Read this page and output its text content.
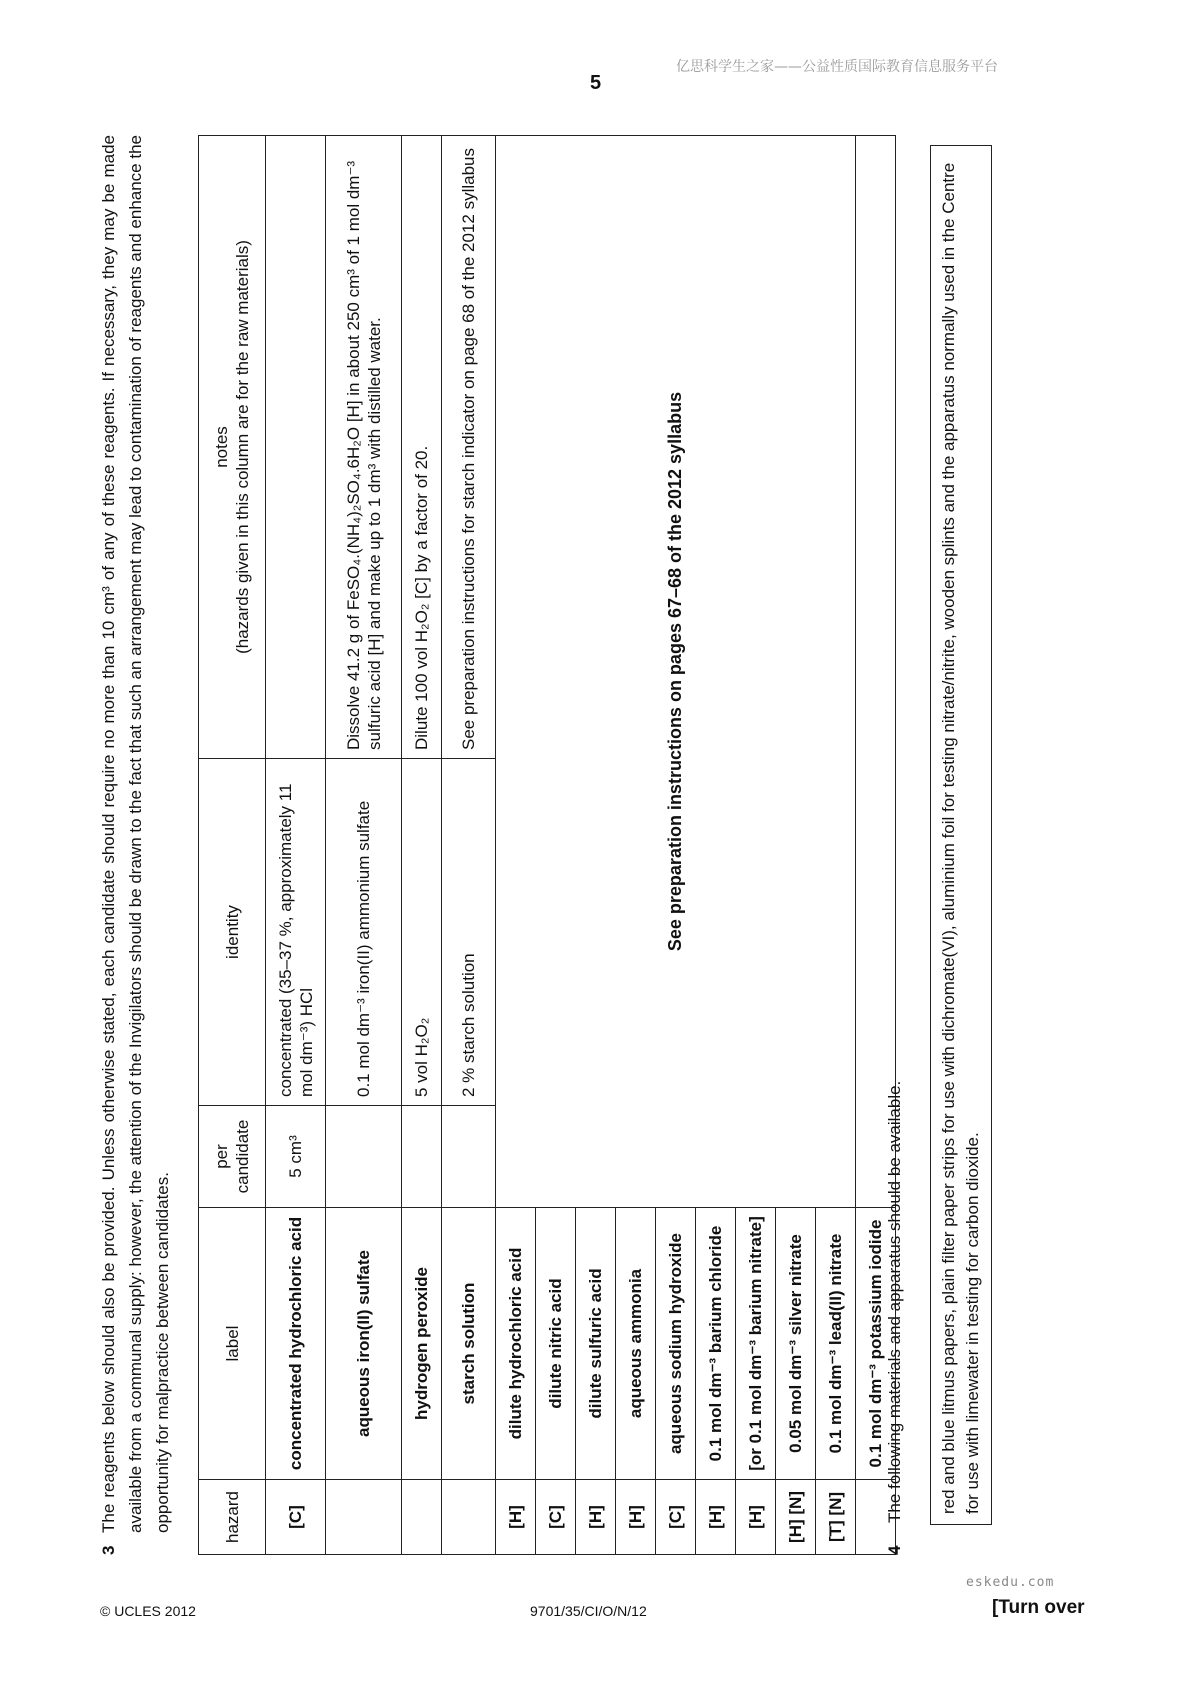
亿思科学生之家——公益性质国际教育信息服务平台
5
3
The reagents below should also be provided. Unless otherwise stated, each candidate should require no more than 10 cm³ of any of these reagents. If necessary, they may be made available from a communal supply: however, the attention of the Invigilators should be drawn to the fact that such an arrangement may lead to contamination of reagents and enhance the opportunity for malpractice between candidates.	hazard	label	per candidate	identity	notes (hazards given in this column are for the raw materials)

[C]	concentrated hydrochloric acid	5 cm³	concentrated (35–37 %, approximately 11 mol dm⁻³) HCl	
	aqueous iron(II) sulfate		0.1 mol dm⁻³ iron(II) ammonium sulfate	Dissolve 41.2 g of FeSO₄.(NH₄)₂SO₄.6H₂O [H] in about 250 cm³ of 1 mol dm⁻³ sulfuric acid [H] and make up to 1 dm³ with distilled water.
	hydrogen peroxide		5 vol H₂O₂	Dilute 100 vol H₂O₂ [C] by a factor of 20.
	starch solution		2 % starch solution	See preparation instructions for starch indicator on page 68 of the 2012 syllabus
[H]	dilute hydrochloric acid	See preparation instructions on pages 67–68 of the 2012 syllabus		
[C]	dilute nitric acid			
[H]	dilute sulfuric acid			
[H]	aqueous ammonia			
[C]	aqueous sodium hydroxide			
[H]	0.1 mol dm⁻³ barium chloride			
[H]	[or 0.1 mol dm⁻³ barium nitrate]			
[H] [N]	0.05 mol dm⁻³ silver nitrate			
[T] [N]	0.1 mol dm⁻³ lead(II) nitrate			
	0.1 mol dm⁻³ potassium iodide			
4
The following materials and apparatus should be available.	red and blue litmus papers, plain filter paper strips for use with dichromate(VI), aluminium foil for testing nitrate/nitrite, wooden splints and the apparatus normally used in the Centre for use with limewater in testing for carbon dioxide.
eskedu.com
© UCLES 2012	9701/35/CI/O/N/12	[Turn over
